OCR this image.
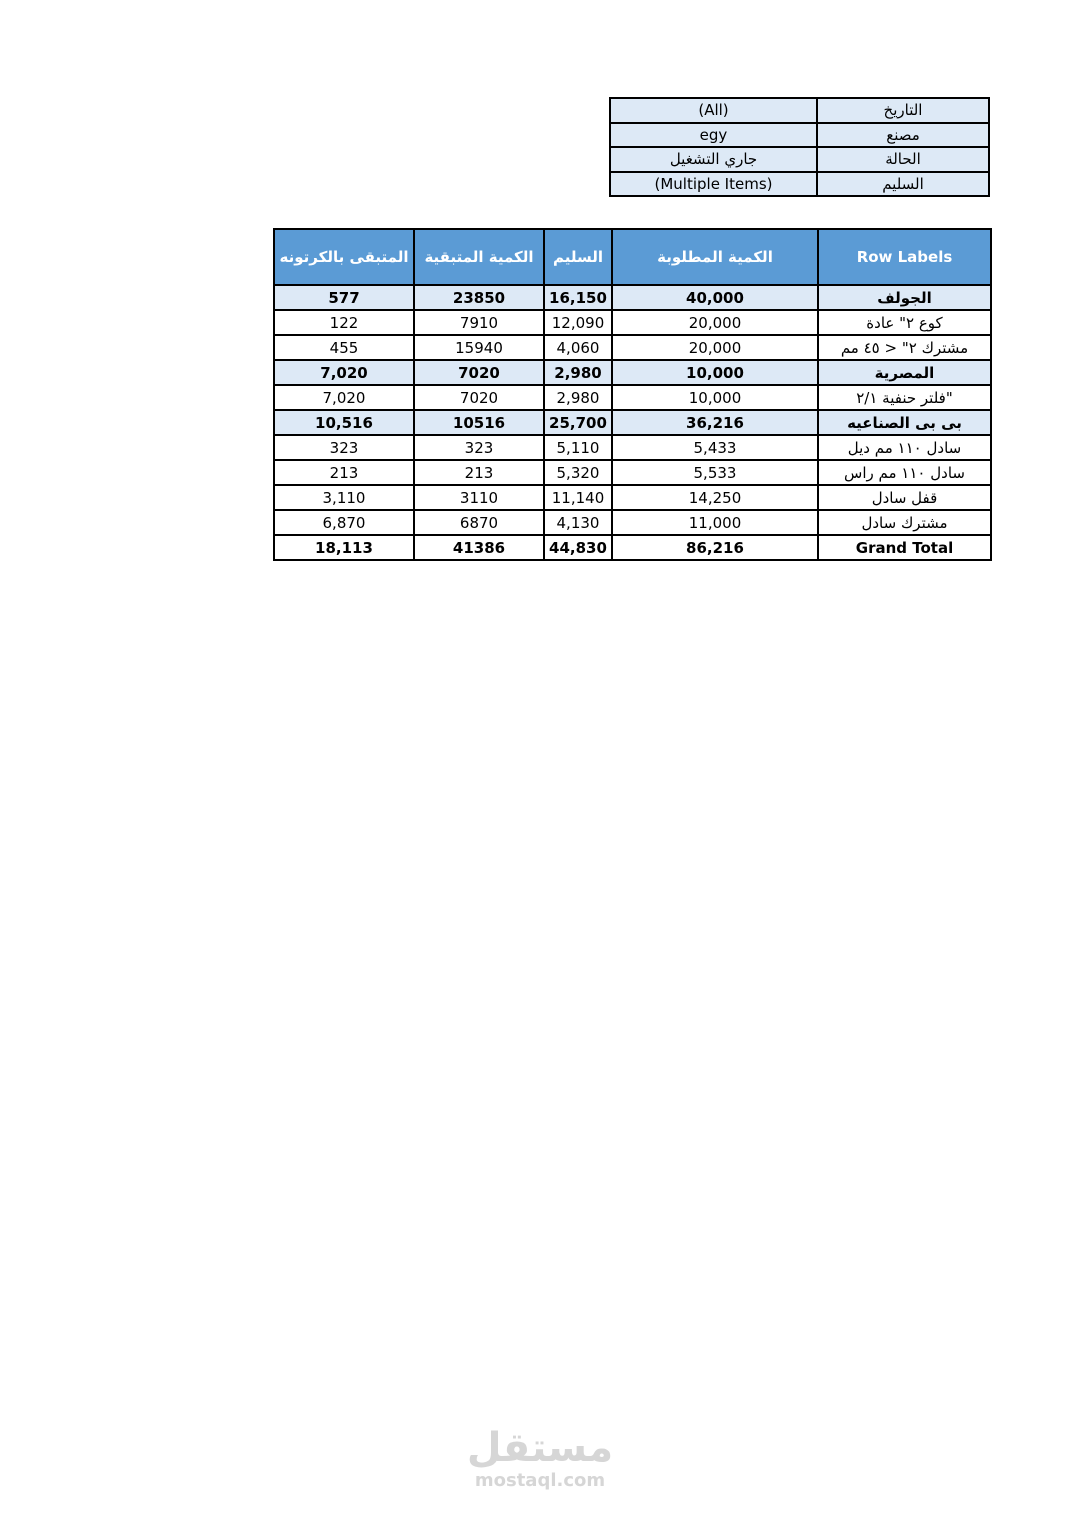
(All)	التاريخ
egy	مصنع
جاري التشغيل	الحالة
(Multiple Items)	السليم
المتبقى بالكرتونه	الكمية المتبقية	السليم	الكمية المطلوبة	Row Labels
577	23850	16,150	40,000	الجولف
122	7910	12,090	20,000	كوع ٢" عادة
455	15940	4,060	20,000	مشترك ٢" < ٤٥ مم
7,020	7020	2,980	10,000	المصرية
7,020	7020	2,980	10,000	فلتر حنفية ٢/١"
10,516	10516	25,700	36,216	بى بى الصناعيه
323	323	5,110	5,433	سادل ١١٠ مم ديل
213	213	5,320	5,533	سادل ١١٠ مم راس
3,110	3110	11,140	14,250	قفل سادل
6,870	6870	4,130	11,000	مشترك سادل
18,113	41386	44,830	86,216	Grand Total
مستقل
mostaql.com
